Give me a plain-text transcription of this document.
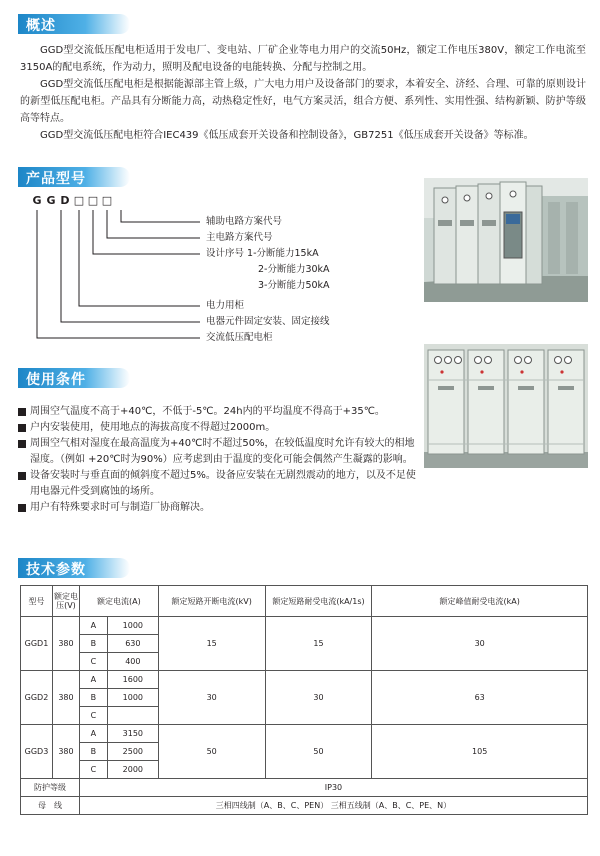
概述

GGD型交流低压配电柜适用于发电厂、变电站、厂矿企业等电力用户的交流50Hz，额定工作电压380V，额定工作电流至3150A的配电系统，作为动力，照明及配电设备的电能转换、分配与控制之用。

GGD型交流低压配电柜是根据能源部主管上级，广大电力用户及设备部门的要求，本着安全、济经、合理、可靠的原则设计的新型低压配电柜。产品具有分断能力高，动热稳定性好，电气方案灵活，组合方便、系列性、实用性强、结构新颖、防护等级高等特点。

GGD型交流低压配电柜符合IEC439《低压成套开关设备和控制设备》，GB7251《低压成套开关设备》等标准。

产品型号
G G D □ □ □
辅助电路方案代号
主电路方案代号
设计序号 1-分断能力15kA
2-分断能力30kA
3-分断能力50kA
电力用柜
电器元件固定安装、固定接线
交流低压配电柜
使用条件
周围空气温度不高于+40℃，不低于-5℃。24h内的平均温度不得高于+35℃。
户内安装使用，使用地点的海拔高度不得超过2000m。
周围空气相对湿度在最高温度为+40℃时不超过50%，在较低温度时允许有较大的相地湿度。（例如 +20℃时为90%）应考虑到由于温度的变化可能会偶然产生凝露的影响。
设备安装时与垂直面的倾斜度不超过5%。设备应安装在无剧烈震动的地方，以及不足使用电器元件受到腐蚀的场所。
用户有特殊要求时可与制造厂协商解决。
技术参数
型号	额定电压(V)	额定电流(A)		额定短路开断电流(kV)	额定短路耐受电流(kA/1s)	额定峰值耐受电流(kA)
GGD1	380	A	1000	15	15	30
		B	630			
		C	400			
GGD2	380	A	1600	30	30	63
		B	1000			
		C				
GGD3	380	A	3150	50	50	105
		B	2500			
		C	2000			
防护等级		IP30				
母　线		三相四线制（A、B、C、PEN） 三相五线制（A、B、C、PE、N）				
